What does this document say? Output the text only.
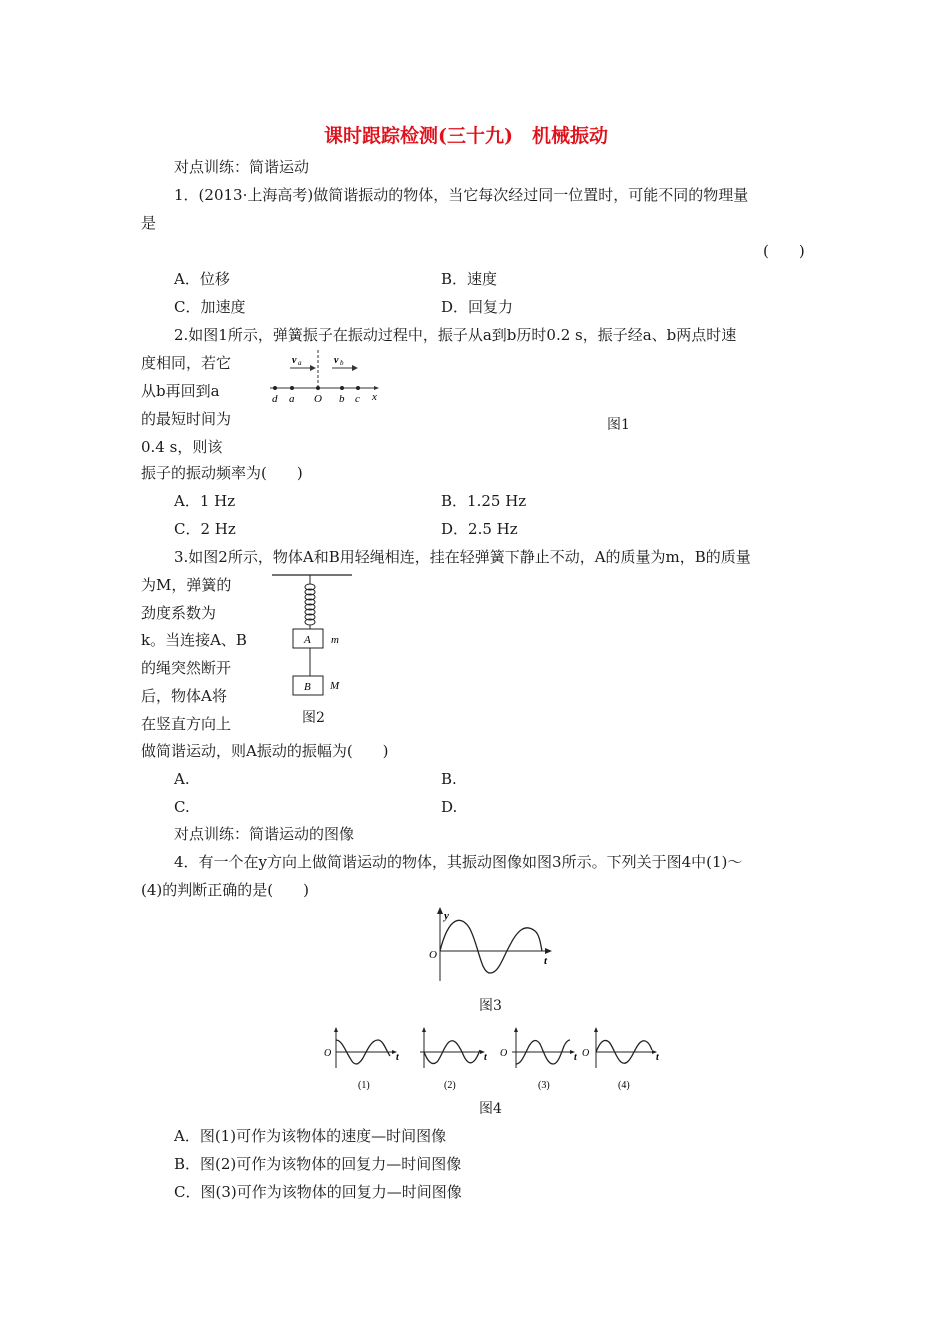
课时跟踪检测(三十九)　机械振动
对点训练：简谐运动
1．(2013·上海高考)做简谐振动的物体，当它每次经过同一位置时，可能不同的物理量
是
(　　)
A．位移	B．速度
C．加速度	D．回复力
2.如图1所示，弹簧振子在振动过程中，振子从a到b历时0.2 s，振子经a、b两点时速
度相同，若它
从b再回到a
的最短时间为
0.4 s，则该
振子的振动频率为(　　)
v a	v b
d a O b c x
图1
A．1 Hz	B．1.25 Hz
C．2 Hz	D．2.5 Hz
3.如图2所示，物体A和B用轻绳相连，挂在轻弹簧下静止不动，A的质量为m，B的质量
为M，弹簧的
劲度系数为
k。当连接A、B
的绳突然断开
后，物体A将
在竖直方向上
做简谐运动，则A振动的振幅为(　　)
A m
B M
图2
A.	B.
C.	D.
对点训练：简谐运动的图像
4．有一个在y方向上做简谐运动的物体，其振动图像如图3所示。下列关于图4中(1)～
(4)的判断正确的是(　　)
y
O	t
图3
O	t
(1)
t
(2)
O	t
(3)
O	t
(4)
图4
A．图(1)可作为该物体的速度—时间图像
B．图(2)可作为该物体的回复力—时间图像
C．图(3)可作为该物体的回复力—时间图像
